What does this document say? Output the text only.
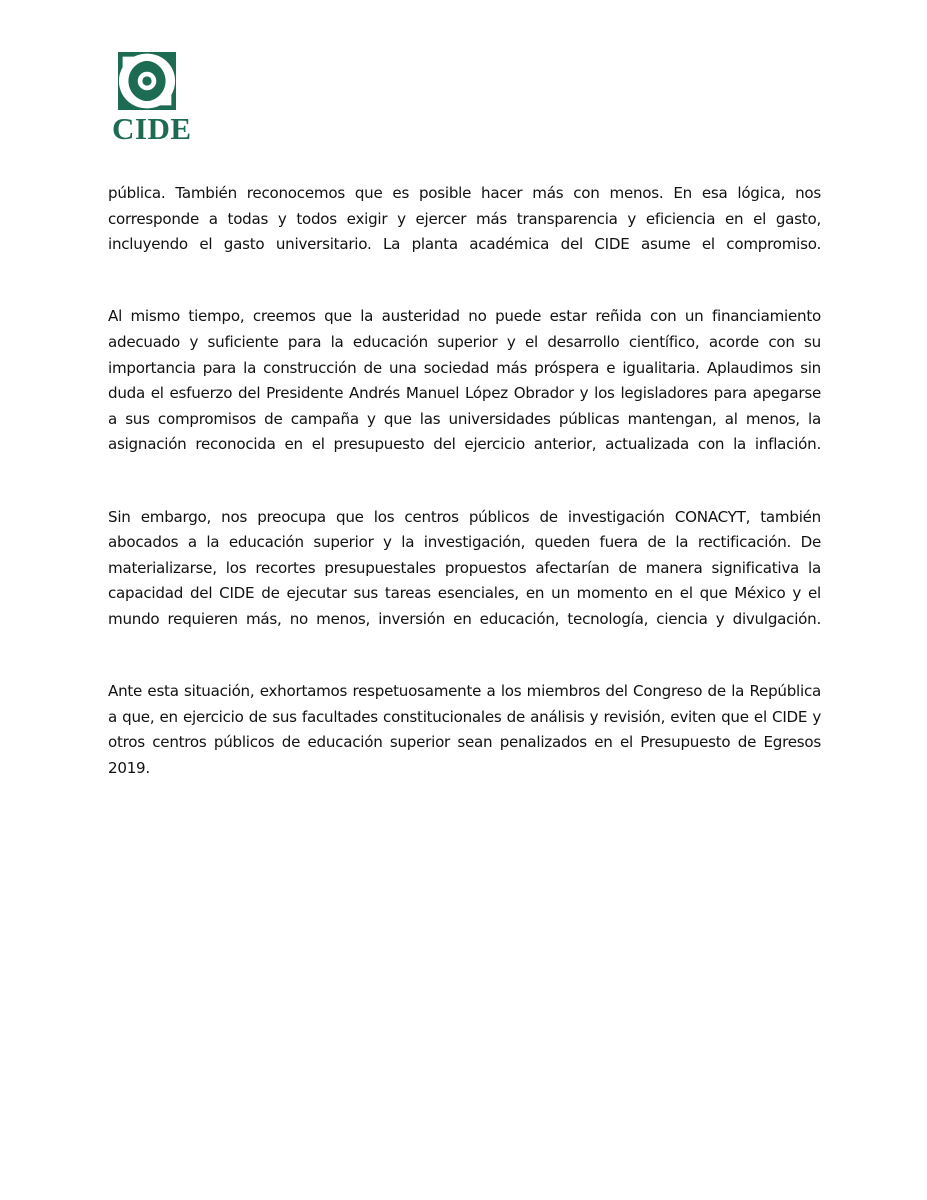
CIDE

pública. También reconocemos que es posible hacer más con menos. En esa lógica, nos corresponde a todas y todos exigir y ejercer más transparencia y eficiencia en el gasto, incluyendo el gasto universitario. La planta académica del CIDE asume el compromiso.

Al mismo tiempo, creemos que la austeridad no puede estar reñida con un financiamiento adecuado y suficiente para la educación superior y el desarrollo científico, acorde con su importancia para la construcción de una sociedad más próspera e igualitaria. Aplaudimos sin duda el esfuerzo del Presidente Andrés Manuel López Obrador y los legisladores para apegarse a sus compromisos de campaña y que las universidades públicas mantengan, al menos, la asignación reconocida en el presupuesto del ejercicio anterior, actualizada con la inflación.

Sin embargo, nos preocupa que los centros públicos de investigación CONACYT, también abocados a la educación superior y la investigación, queden fuera de la rectificación. De materializarse, los recortes presupuestales propuestos afectarían de manera significativa la capacidad del CIDE de ejecutar sus tareas esenciales, en un momento en el que México y el mundo requieren más, no menos, inversión en educación, tecnología, ciencia y divulgación.

Ante esta situación, exhortamos respetuosamente a los miembros del Congreso de la República a que, en ejercicio de sus facultades constitucionales de análisis y revisión, eviten que el CIDE y otros centros públicos de educación superior sean penalizados en el Presupuesto de Egresos 2019.
